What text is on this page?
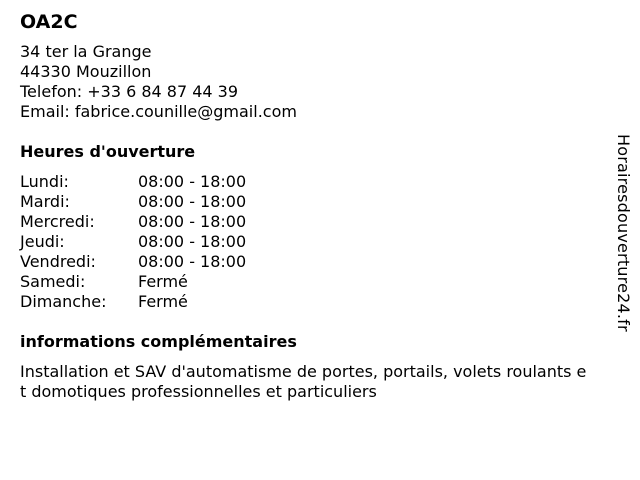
OA2C
34 ter la Grange
44330 Mouzillon
Telefon: +33 6 84 87 44 39
Email: fabrice.counille@gmail.com
Heures d'ouverture
Lundi:	08:00 - 18:00
Mardi:	08:00 - 18:00
Mercredi:	08:00 - 18:00
Jeudi:	08:00 - 18:00
Vendredi:	08:00 - 18:00
Samedi:	Fermé
Dimanche: Fermé
informations complémentaires
Installation et SAV d'automatisme de portes, portails, volets roulants et domotiques professionnelles et particuliers
Horairesdouverture24.fr
